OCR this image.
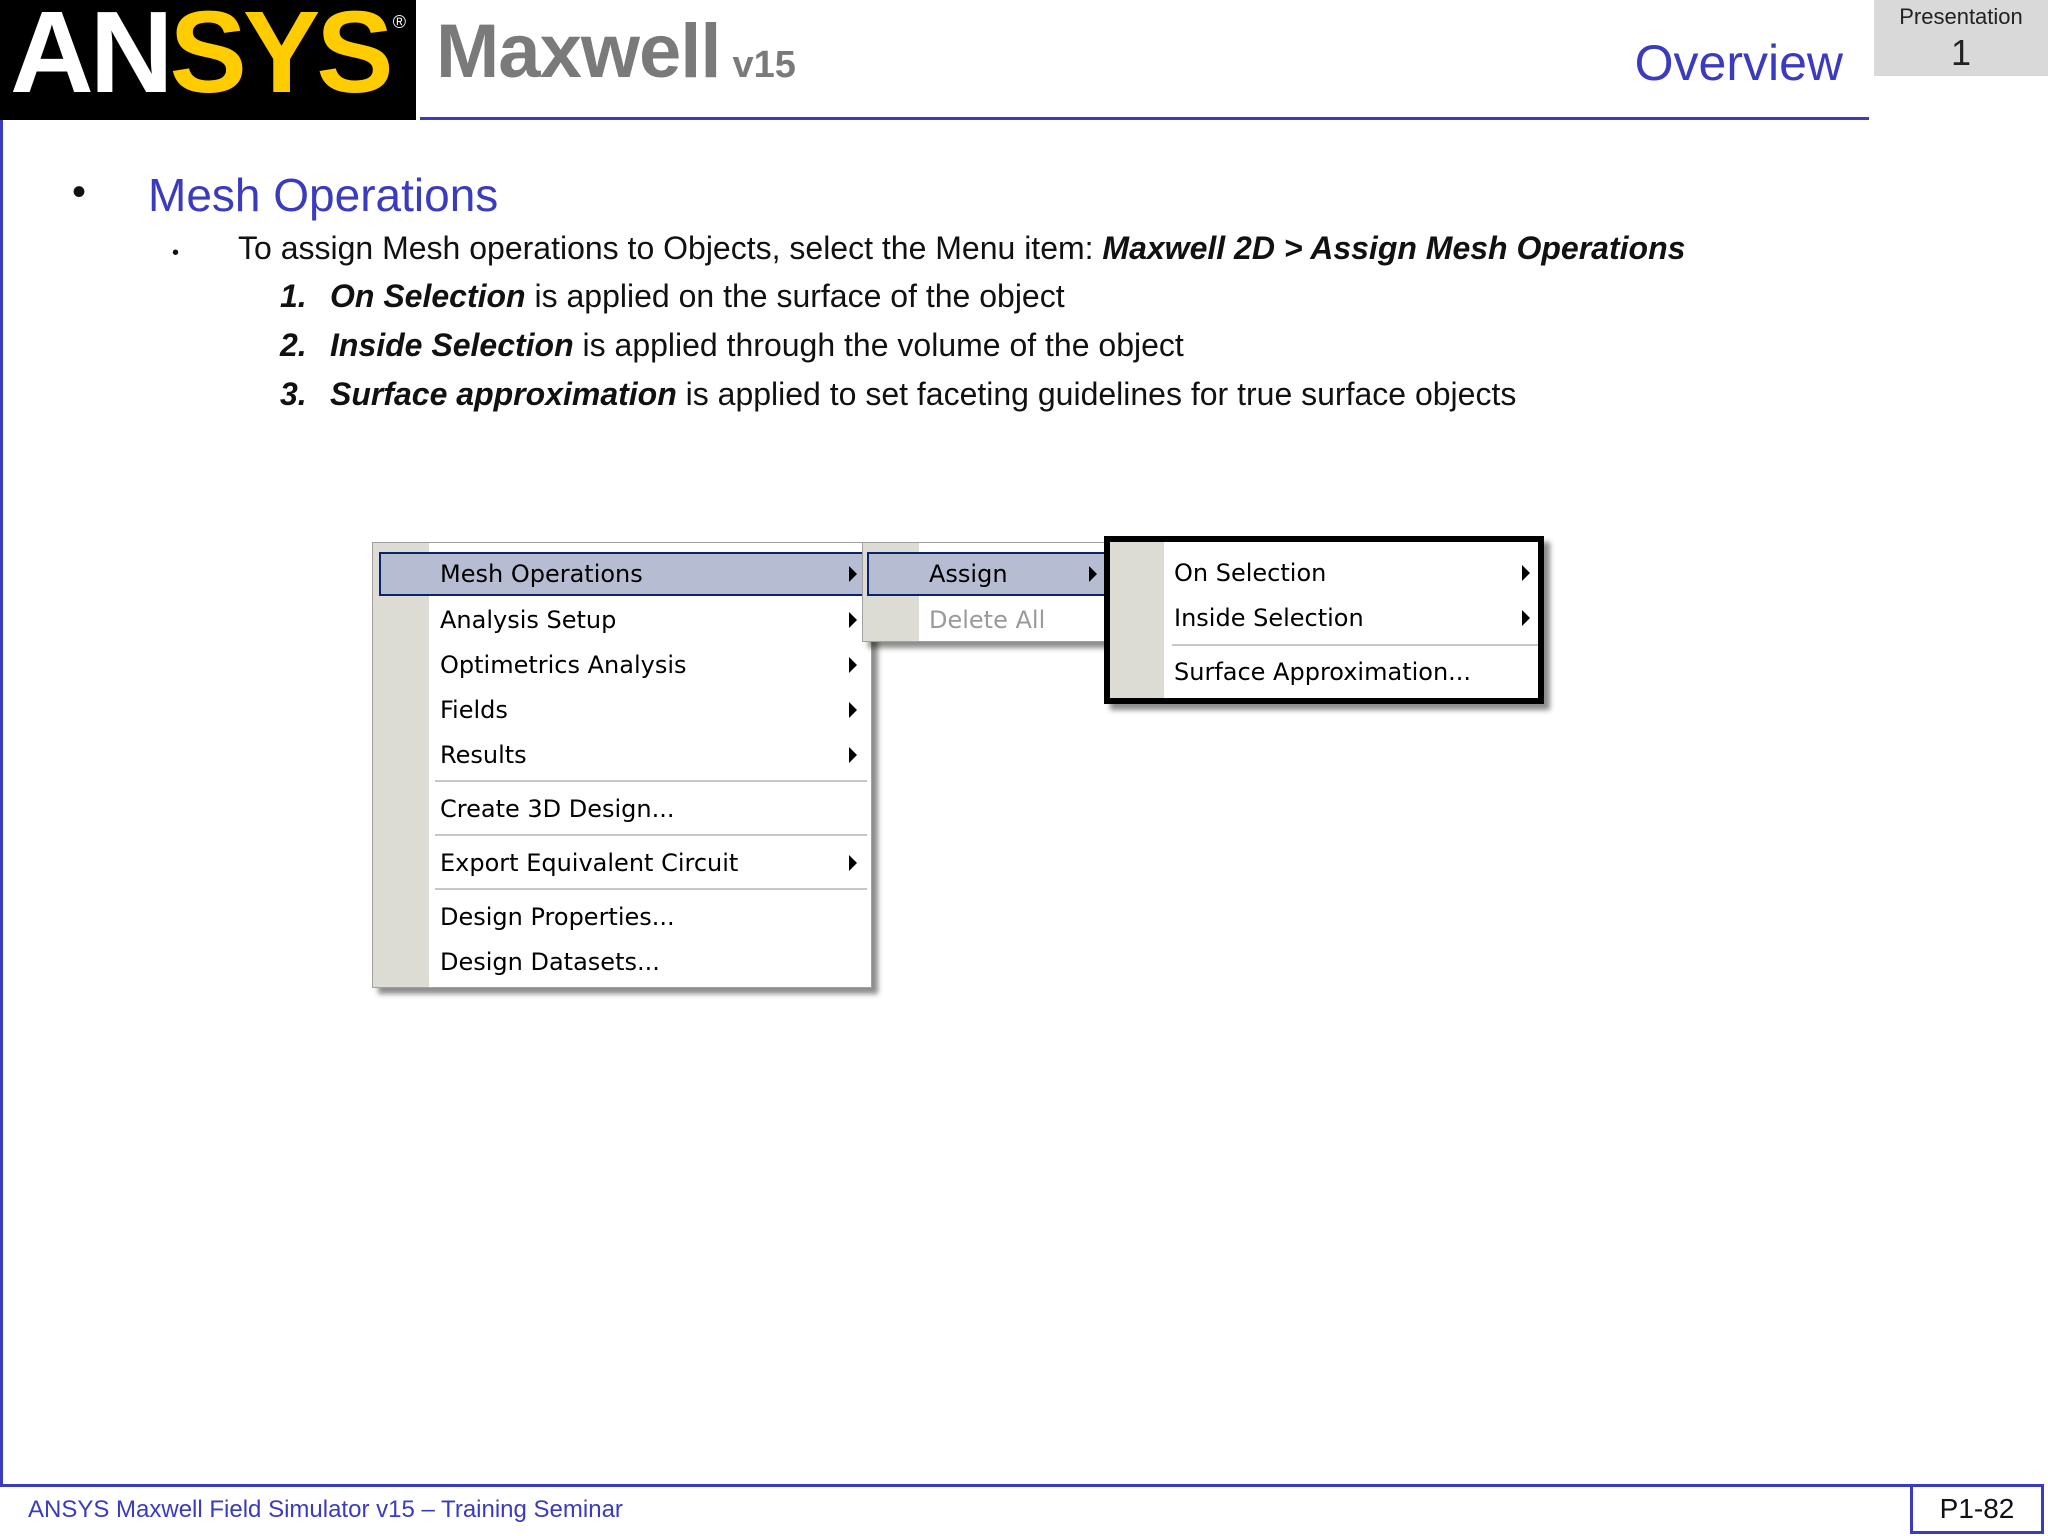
ANSYS ® Maxwell v15	Overview
Presentation
1
• Mesh Operations
• To assign Mesh operations to Objects, select the Menu item: Maxwell 2D > Assign Mesh Operations
1. On Selection is applied on the surface of the object
2. Inside Selection is applied through the volume of the object
3. Surface approximation is applied to set faceting guidelines for true surface objects
Mesh Operations
Analysis Setup
Optimetrics Analysis
Fields
Results
Create 3D Design...
Export Equivalent Circuit
Design Properties...
Design Datasets...
Assign
Delete All
On Selection
Inside Selection
Surface Approximation...
ANSYS Maxwell Field Simulator v15 – Training Seminar	P1-82
